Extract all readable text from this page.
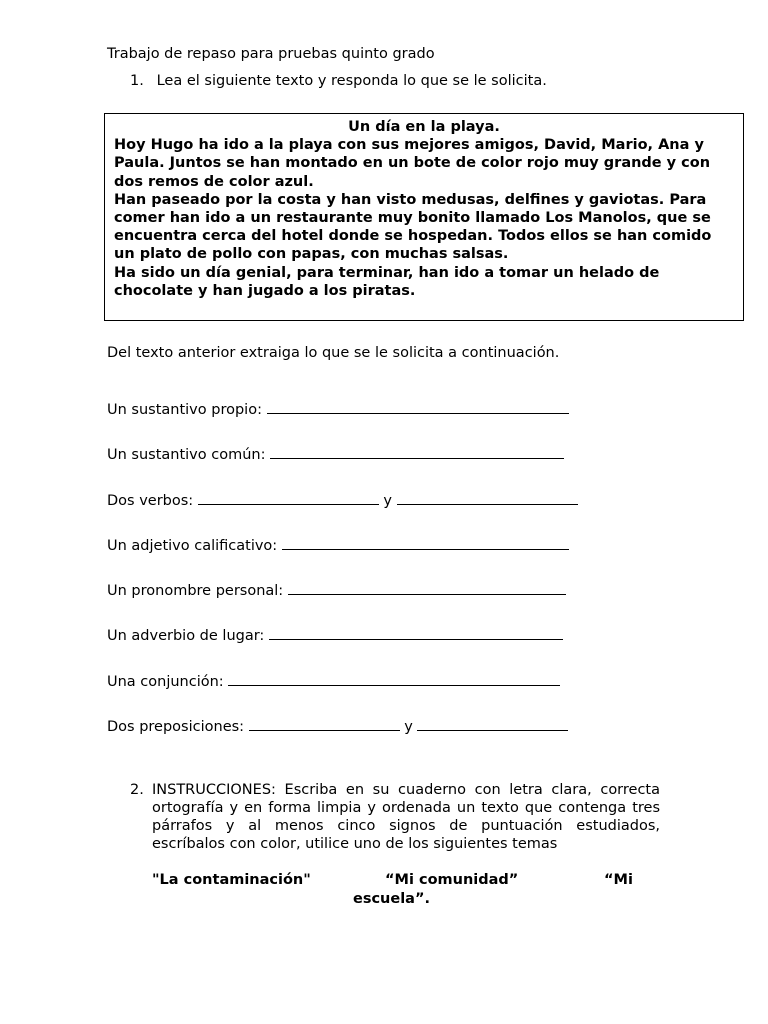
Trabajo de repaso para pruebas quinto grado
1. Lea el siguiente texto y responda lo que se le solicita.
Un día en la playa.

Hoy Hugo ha ido a la playa con sus mejores amigos, David, Mario, Ana y Paula. Juntos se han montado en un bote de color rojo muy grande y con dos remos de color azul.

Han paseado por la costa y han visto medusas, delfines y gaviotas. Para comer han ido a un restaurante muy bonito llamado Los Manolos, que se encuentra cerca del hotel donde se hospedan. Todos ellos se han comido un plato de pollo con papas, con muchas salsas.

Ha sido un día genial, para terminar, han ido a tomar un helado de chocolate y han jugado a los piratas.

Del texto anterior extraiga lo que se le solicita a continuación.
Un sustantivo propio:
Un sustantivo común:
Dos verbos:	y
Un adjetivo calificativo:
Un pronombre personal:
Un adverbio de lugar:
Una conjunción:
Dos preposiciones:	y
2. INSTRUCCIONES: Escriba en su cuaderno con letra clara, correcta ortografía y en forma limpia y ordenada un texto que contenga tres párrafos y al menos cinco signos de puntuación estudiados, escríbalos con color, utilice uno de los siguientes temas
"La contaminación"	“Mi comunidad”	“Mi
escuela”.
